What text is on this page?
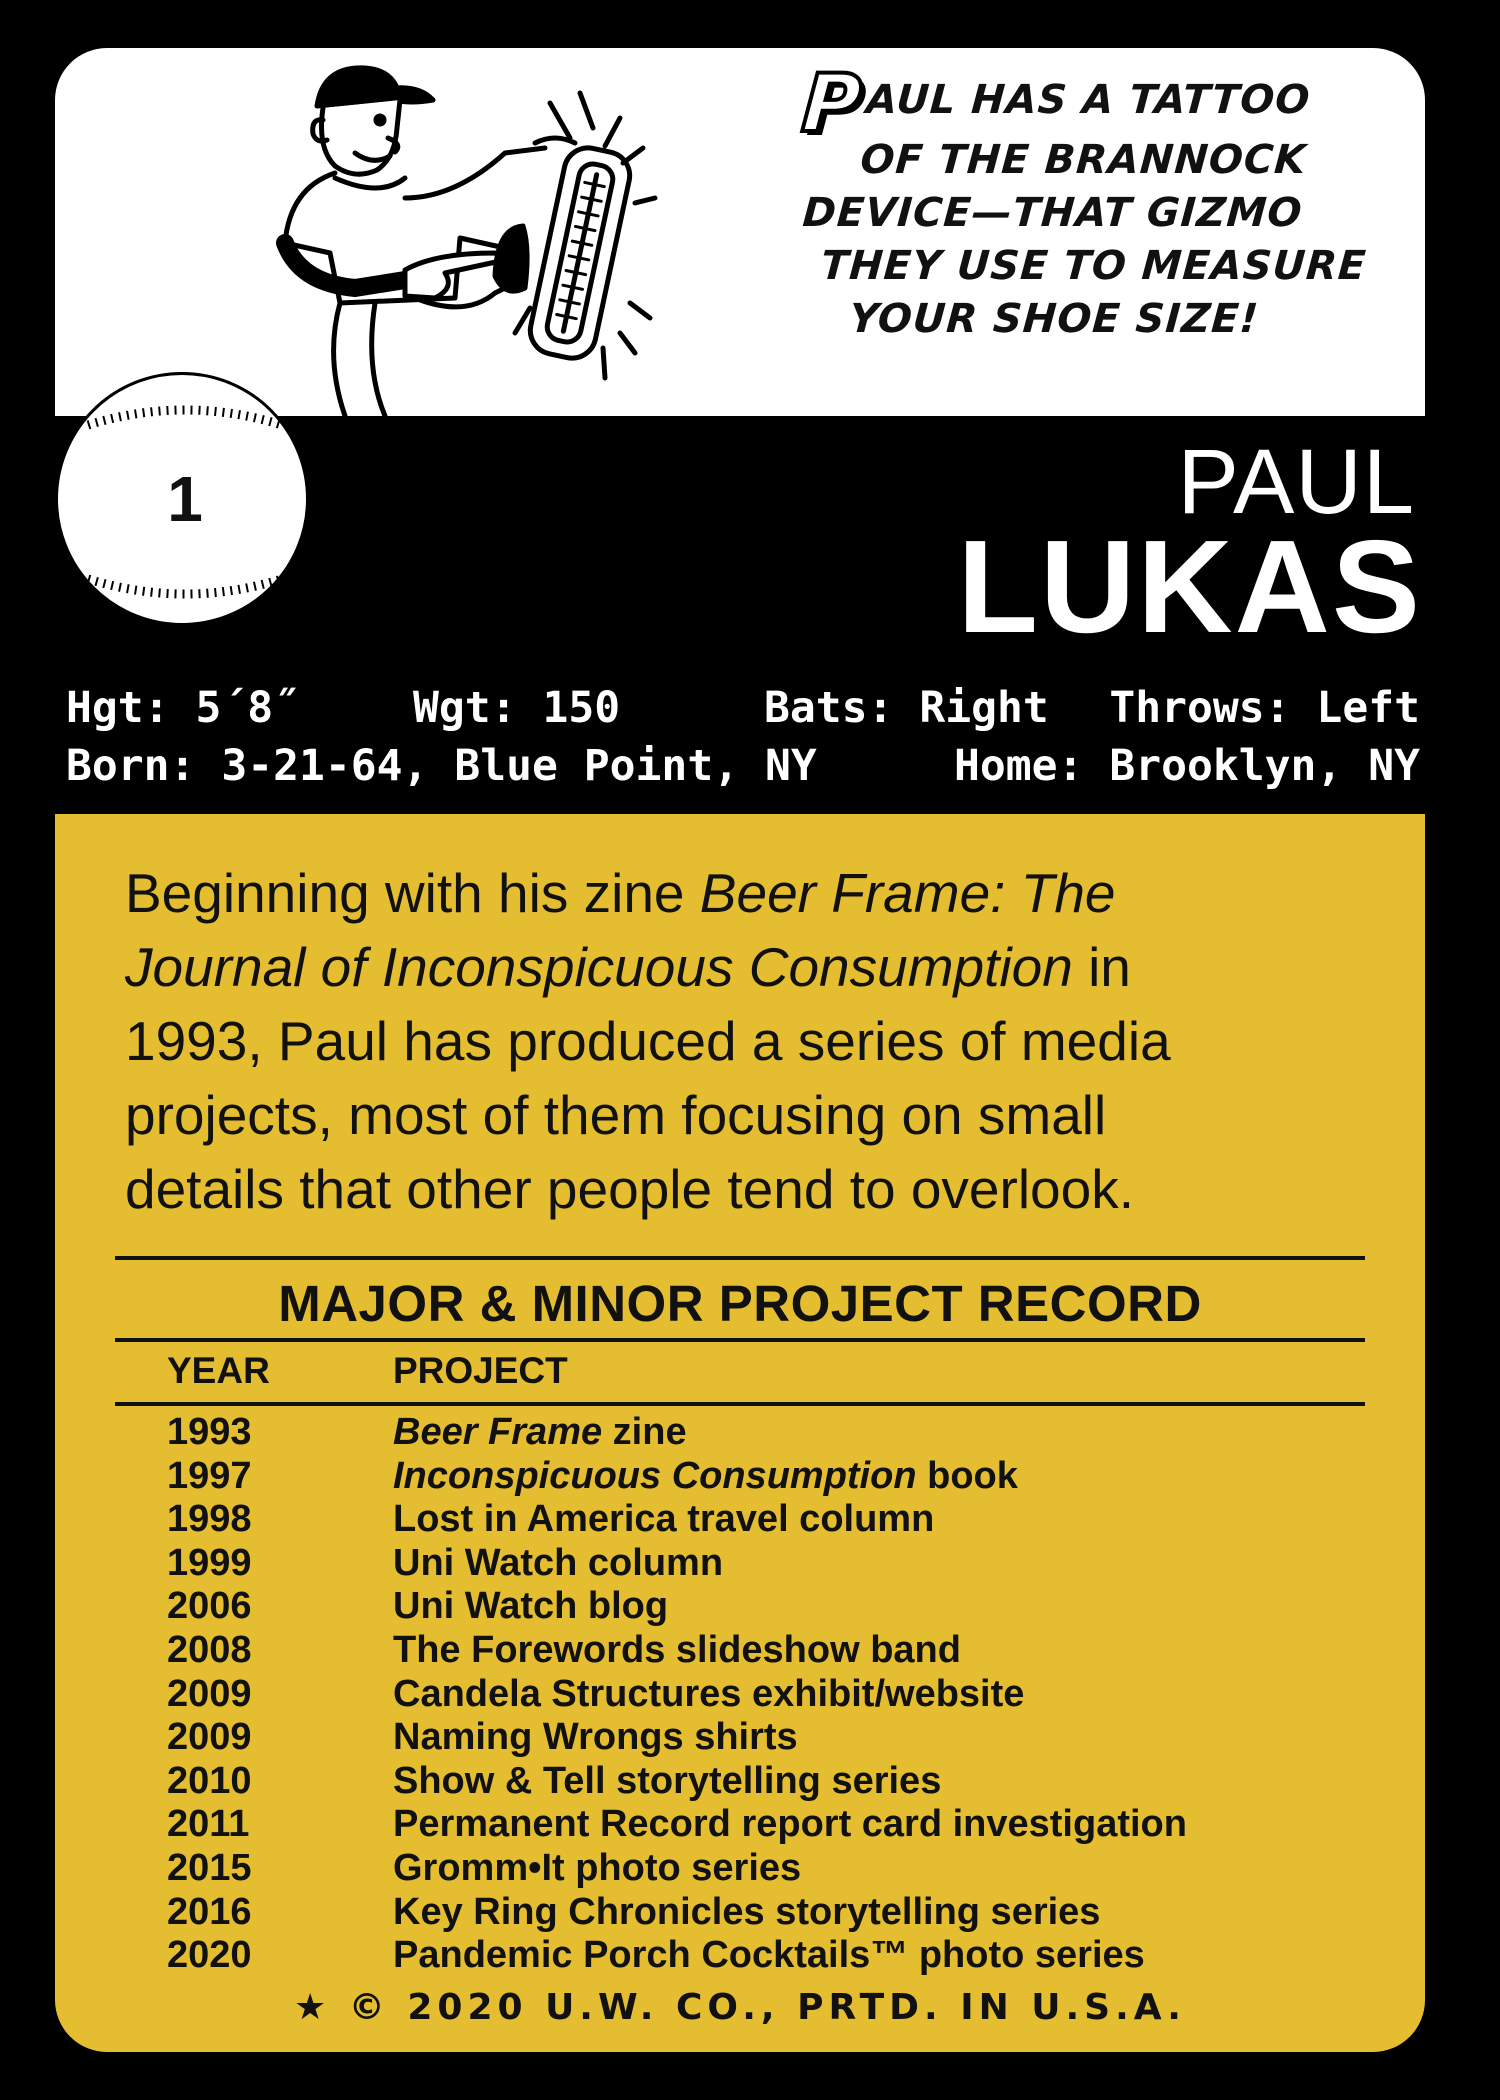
PAUL HAS A TATTOO
OF THE BRANNOCK
DEVICE—THAT GIZMO
THEY USE TO MEASURE
YOUR SHOE SIZE!
1	PAUL
LUKAS
Hgt: 5´8˝	Wgt: 150	Bats: Right Throws: Left
Born: 3-21-64, Blue Point, NY	Home: Brooklyn, NY
Beginning with his zine Beer Frame: The
Journal of Inconspicuous Consumption in
1993, Paul has produced a series of media
projects, most of them focusing on small
details that other people tend to overlook.
MAJOR & MINOR PROJECT RECORD
YEAR	PROJECT
1993	Beer Frame zine
1997	Inconspicuous Consumption book
1998	Lost in America travel column
1999	Uni Watch column
2006	Uni Watch blog
2008	The Forewords slideshow band
2009	Candela Structures exhibit/website
2009	Naming Wrongs shirts
2010	Show & Tell storytelling series
2011	Permanent Record report card investigation
2015	Gromm•It photo series
2016	Key Ring Chronicles storytelling series
2020	Pandemic Porch Cocktails™ photo series
★ © 2020 U.W. CO., PRTD. IN U.S.A.
